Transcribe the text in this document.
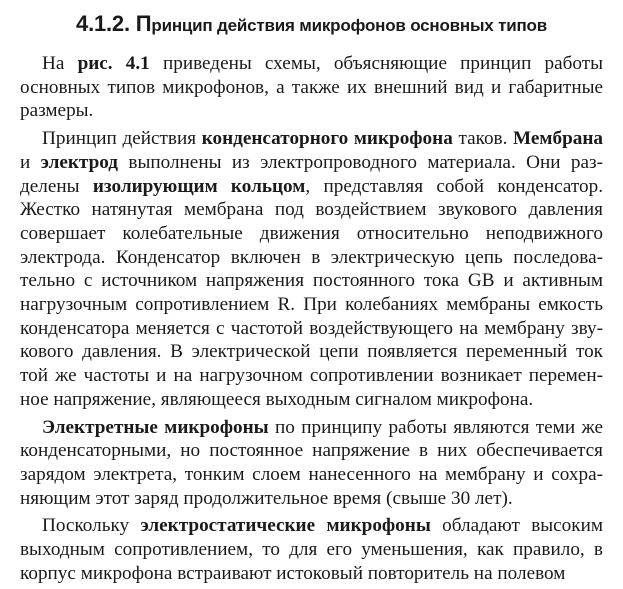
4.1.2. Принцип действия микрофонов основных типов
На рис. 4.1 приведены схемы, объясняющие принцип работы
основных типов микрофонов, а также их внешний вид и габаритные
размеры.
Принцип действия конденсаторного микрофона таков. Мембрана
и электрод выполнены из электропроводного материала. Они раз-
делены изолирующим кольцом, представляя собой конденсатор.
Жестко натянутая мембрана под воздействием звукового давления
совершает колебательные движения относительно неподвижного
электрода. Конденсатор включен в электрическую цепь последова-
тельно с источником напряжения постоянного тока GB и активным
нагрузочным сопротивлением R. При колебаниях мембраны емкость
конденсатора меняется с частотой воздействующего на мембрану зву-
кового давления. В электрической цепи появляется переменный ток
той же частоты и на нагрузочном сопротивлении возникает перемен-
ное напряжение, являющееся выходным сигналом микрофона.
Электретные микрофоны по принципу работы являются теми же
конденсаторными, но постоянное напряжение в них обеспечивается
зарядом электрета, тонким слоем нанесенного на мембрану и сохра-
няющим этот заряд продолжительное время (свыше 30 лет).
Поскольку электростатические микрофоны обладают высоким
выходным сопротивлением, то для его уменьшения, как правило, в
корпус микрофона встраивают истоковый повторитель на полевом
